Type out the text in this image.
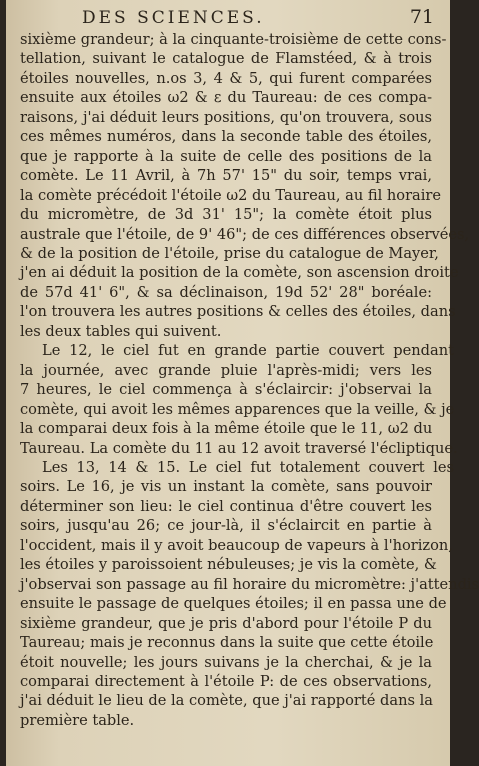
DES SCIENCES.	71
sixième grandeur; à la cinquante-troisième de cette cons-
tellation, suivant le catalogue de Flamstéed, & à trois
étoiles nouvelles, n.os 3, 4 & 5, qui furent comparées
ensuite aux étoiles ω2 & ε du Taureau: de ces compa-
raisons, j'ai déduit leurs positions, qu'on trouvera, sous
ces mêmes numéros, dans la seconde table des étoiles,
que je rapporte à la suite de celle des positions de la
comète. Le 11 Avril, à 7h 57' 15" du soir, temps vrai,
la comète précédoit l'étoile ω2 du Taureau, au fil horaire
du micromètre, de 3d 31' 15"; la comète étoit plus
australe que l'étoile, de 9' 46"; de ces différences observées,
& de la position de l'étoile, prise du catalogue de Mayer,
j'en ai déduit la position de la comète, son ascension droite
de 57d 41' 6", & sa déclinaison, 19d 52' 28" boréale:
l'on trouvera les autres positions & celles des étoiles, dans
les deux tables qui suivent.
Le 12, le ciel fut en grande partie couvert pendant
la journée, avec grande pluie l'après-midi; vers les
7 heures, le ciel commença à s'éclaircir: j'observai la
comète, qui avoit les mêmes apparences que la veille, & je
la comparai deux fois à la même étoile que le 11, ω2 du
Taureau. La comète du 11 au 12 avoit traversé l'écliptique.
Les 13, 14 & 15. Le ciel fut totalement couvert les
soirs. Le 16, je vis un instant la comète, sans pouvoir
déterminer son lieu: le ciel continua d'être couvert les
soirs, jusqu'au 26; ce jour-là, il s'éclaircit en partie à
l'occident, mais il y avoit beaucoup de vapeurs à l'horizon,
les étoiles y paroissoient nébuleuses; je vis la comète, &
j'observai son passage au fil horaire du micromètre: j'attendis
ensuite le passage de quelques étoiles; il en passa une de
sixième grandeur, que je pris d'abord pour l'étoile P du
Taureau; mais je reconnus dans la suite que cette étoile
étoit nouvelle; les jours suivans je la cherchai, & je la
comparai directement à l'étoile P: de ces observations,
j'ai déduit le lieu de la comète, que j'ai rapporté dans la
première table.
